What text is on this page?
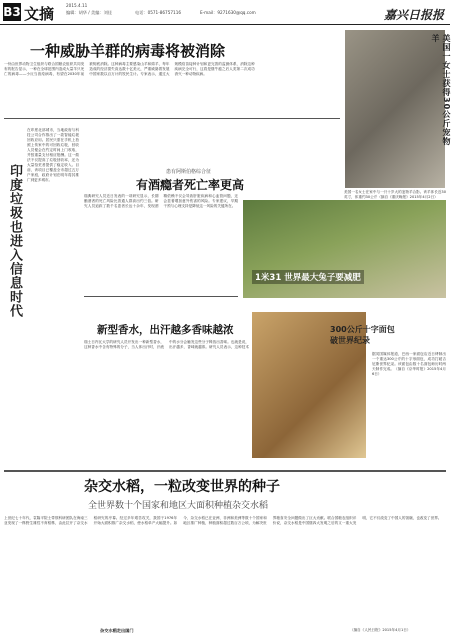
B3 文摘	2015.4.11
编辑：胡华 / 美编：刘佳	电话：0571-86757116	E-mail：9271630@qq.com	嘉兴日报报
一种威胁羊群的病毒将被消除
一份由世界动物卫生组织与联合国粮农组织共同发布的报告显示，一种在全球范围内造成大量羊只死亡的病毒——小反刍兽疫病毒，有望在2030年前被彻底消除。这种病毒主要感染山羊和绵羊，每年造成的经济损失高达数十亿美元，严重威胁着发展中国家数以百万计的牧民生计。专家表示，通过大规模疫苗接种计划和更完善的监测体系，消除这种疾病完全可行，这将是继牛瘟之后人类第二次成功消灭一种动物疾病。	美国一女士获得30公斤宠物羊
美国一名女士在家中与一只十岁大的宠物羊合影。该羊体长近30英寸，体重约30公斤（摘自《重庆晚报》2015年4月2日）
印度垃圾也进入信息时代
在印度北部城市，当地政府与科技公司合作推出了一款智能垃圾回收应用。居民只需在手机上拍照上传家中的可回收垃圾，回收人员便会在约定时间上门收取，并按重量支付相应报酬。这一做法不仅提高了垃圾回收率，还为大量拾荒者提供了稳定收入。目前，该项目已覆盖全市超过五万户家庭，政府计划在明年将其推广到更多城市。
患有阿斯伯格综合征
有酒瘾者死亡率更高
瑞典研究人员近日发表的一项研究显示，长期酗酒者的死亡风险比普通人群高出约三倍。研究人员追踪了数千名患者长达十余年，发现酒精依赖不仅会导致肝脏疾病和心血管问题，还会显著增加意外伤害的风险。专家建议，早期干预与心理支持是降低这一风险的关键所在。
1米31 世界最大兔子要减肥
新型香水，出汗越多香味越浓
瑞士日内瓦大学的研究人员开发出一种新型香水，这种香水中含有特殊的分子，当人体出汗时，汗液中的水分会触发这些分子释放出香味。也就是说，出汗越多，香味就越浓。研究人员表示，这种技术
300公斤十字面包破世界纪录
据英国媒体报道，巴西一家面包店近日烤制出一个重达300公斤的十字形面包，成功打破吉尼斯世界纪录。该面包由数十名面包师历时两天制作完成。（摘自《京华时报》2015年4月6日）
杂交水稻，一粒改变世界的种子
全世界数十个国家和地区大面积种植杂交水稻
上世纪七十年代，袁隆平院士带领科研团队在海南三亚发现了一株野生雄性不育稻株，由此拉开了杂交水稻研究的序幕。经过多年艰苦攻关，我国于1976年开始大面积推广杂交水稻，使水稻单产大幅提升。如今，杂交水稻已在亚洲、非洲和美洲等数十个国家和地区推广种植，种植面积超过数百万公顷，为解决世界粮食安全问题做出了巨大贡献。联合国粮农组织评价说，杂交水稻是中国继四大发明之后的又一重大发明，它不仅改变了中国人的饭碗，也改变了世界。
杂交水稻走出国门	（摘自《人民日报》2015年4月1日）
